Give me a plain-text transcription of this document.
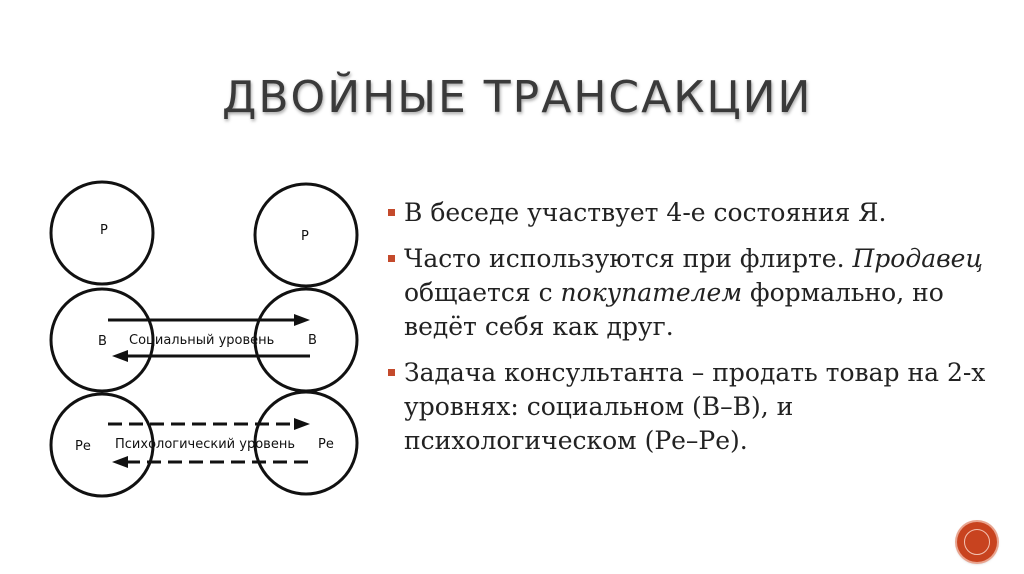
ДВОЙНЫЕ ТРАНСАКЦИИ
Р
В
Ре
Р
В
Ре
Социальный уровень
Психологический уровень
В беседе участвует 4-е состояния Я.
Часто используются при флирте. Продавец общается с покупателем формально, но ведёт себя как друг.
Задача консультанта – продать товар на 2-х уровнях: социальном (В–В), и психологическом (Ре–Ре).
